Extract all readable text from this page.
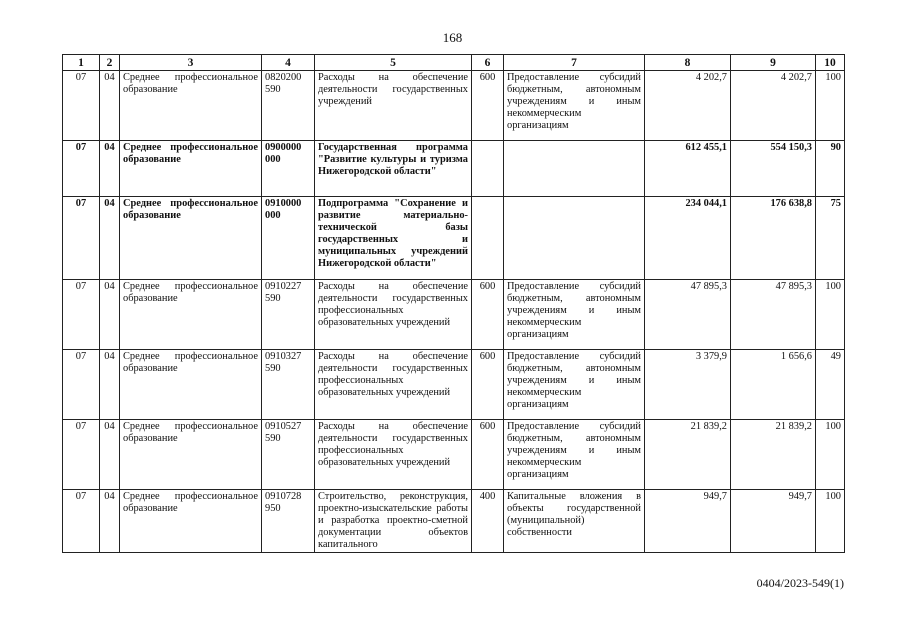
168
1	2	3	4	5	6	7	8	9	10
07	04	Среднее профессиональное образование	0820200 590	Расходы на обеспечение деятельности государственных учреждений	600	Предоставление субсидий бюджетным, автономным учреждениям и иным некоммерческим организациям	4 202,7	4 202,7	100
07	04	Среднее профессиональное образование	0900000 000	Государственная программа "Развитие культуры и туризма Нижегородской области"			612 455,1	554 150,3	90
07	04	Среднее профессиональное образование	0910000 000	Подпрограмма "Сохранение и развитие материально-технической базы государственных и муниципальных учреждений Нижегородской области"			234 044,1	176 638,8	75
07	04	Среднее профессиональное образование	0910227 590	Расходы на обеспечение деятельности государственных профессиональных образовательных учреждений	600	Предоставление субсидий бюджетным, автономным учреждениям и иным некоммерческим организациям	47 895,3	47 895,3	100
07	04	Среднее профессиональное образование	0910327 590	Расходы на обеспечение деятельности государственных профессиональных образовательных учреждений	600	Предоставление субсидий бюджетным, автономным учреждениям и иным некоммерческим организациям	3 379,9	1 656,6	49
07	04	Среднее профессиональное образование	0910527 590	Расходы на обеспечение деятельности государственных профессиональных образовательных учреждений	600	Предоставление субсидий бюджетным, автономным учреждениям и иным некоммерческим организациям	21 839,2	21 839,2	100
07	04	Среднее профессиональное образование	0910728 950	Строительство, реконструкция, проектно-изыскательские работы и разработка проектно-сметной документации объектов капитального	400	Капитальные вложения в объекты государственной (муниципальной) собственности	949,7	949,7	100
0404/2023-549(1)
